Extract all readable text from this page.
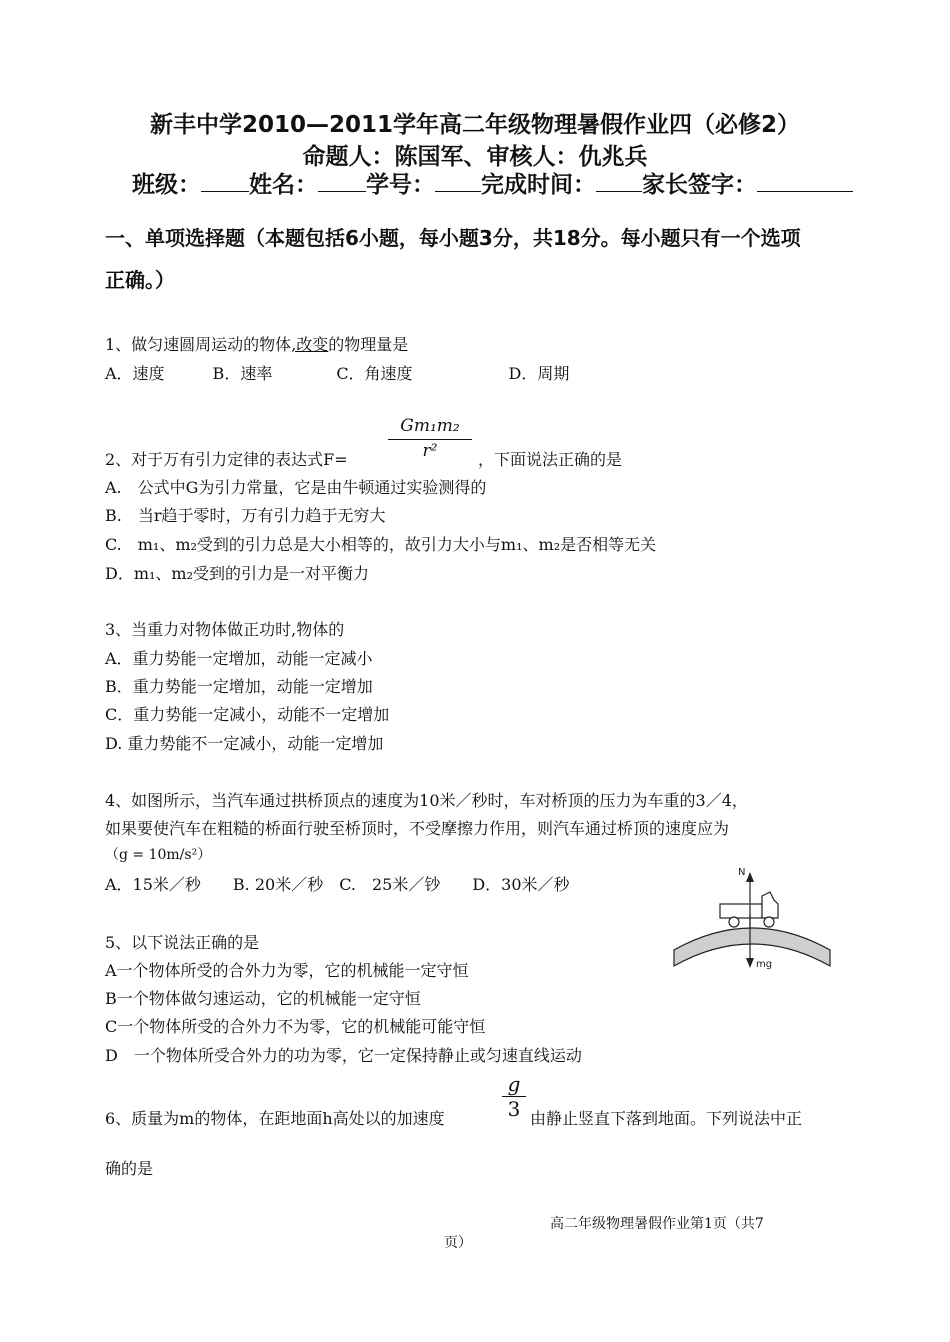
新丰中学2010—2011学年高二年级物理暑假作业四（必修2）
命题人：陈国军、审核人：仇兆兵
班级： 姓名： 学号： 完成时间： 家长签字：
一、单项选择题（本题包括6小题，每小题3分，共18分。每小题只有一个选项
正确。）
1、做匀速圆周运动的物体,改变的物理量是
A．速度　　　B．速率　　　　C．角速度　　　　　　D．周期
$\frac{\text{Gm₁m₂}}{\text{r²}}$
2、对于万有引力定律的表达式F=	，下面说法正确的是
A.　公式中G为引力常量，它是由牛顿通过实验测得的
B.　当r趋于零时，万有引力趋于无穷大
C.　m₁、m₂受到的引力总是大小相等的，故引力大小与m₁、m₂是否相等无关
D．m₁、m₂受到的引力是一对平衡力
3、当重力对物体做正功时,物体的
A．重力势能一定增加，动能一定减小
B．重力势能一定增加，动能一定增加
C．重力势能一定减小，动能不一定增加
D. 重力势能不一定减小，动能一定增加
4、如图所示，当汽车通过拱桥顶点的速度为10米／秒时，车对桥顶的压力为车重的3／4，
如果要使汽车在粗糙的桥面行驶至桥顶时，不受摩擦力作用，则汽车通过桥顶的速度应为
（g = 10m/s²）
A．15米／秒　　B. 20米／秒　C.　25米／钞　　D．30米／秒
N
mg
5、以下说法正确的是
A一个物体所受的合外力为零，它的机械能一定守恒
B一个物体做匀速运动，它的机械能一定守恒
C一个物体所受的合外力不为零，它的机械能可能守恒
D　一个物体所受合外力的功为零，它一定保持静止或匀速直线运动
$\frac{g}{3}$
6、质量为m的物体，在距地面h高处以的加速度	由静止竖直下落到地面。下列说法中正
确的是
高二年级物理暑假作业第1页（共7
页）
